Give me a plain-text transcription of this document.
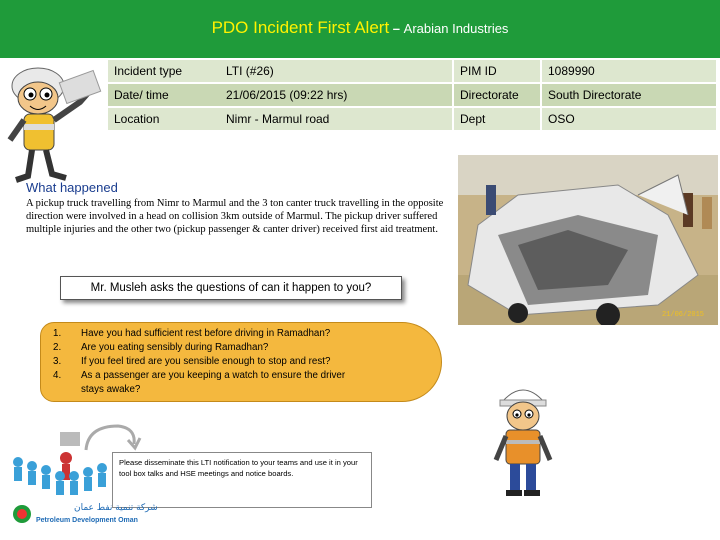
PDO Incident First Alert – Arabian Industries
Incident type	LTI (#26)	PIM ID	1089990
Date/ time	21/06/2015 (09:22 hrs)	Directorate	South Directorate
Location	Nimr - Marmul road	Dept	OSO
What happened
A pickup truck travelling from Nimr to Marmul and the 3 ton canter truck travelling in the opposite direction were involved in a head on collision 3km outside of Marmul. The pickup driver suffered multiple injuries and the other two (pickup passenger & canter driver) received first aid treatment.
21/06/2015
Mr. Musleh asks the questions of can it happen to you?
1. Have you had sufficient rest before driving in Ramadhan?
2. Are you eating sensibly during Ramadhan?
3. If you feel tired are you sensible enough to stop and rest?
4. As a passenger are you keeping a watch to ensure the driver
stays awake?
Please disseminate this LTI notification to your teams and use it in your tool box talks and HSE meetings and notice boards.
شركة تنمية نفط عمان
Petroleum Development Oman
